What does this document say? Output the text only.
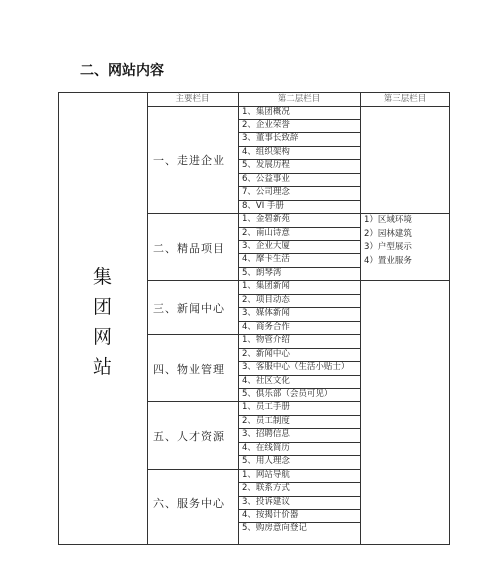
二、网站内容
主要栏目	第二层栏目	第三层栏目
集
团
网
站
一、走进企业
1、集团概况
2、企业荣誉
3、董事长致辞
4、组织架构
5、发展历程
6、公益事业
7、公司理念
8、VI 手册
二、精品项目
1、金碧新苑
2、南山诗意
3、企业大厦
4、摩卡生活
5、朗琴湾
三、新闻中心
1、集团新闻
2、项目动态
3、媒体新闻
4、商务合作
四、物业管理
1、物管介绍
2、新闻中心
3、客服中心（生活小贴士）
4、社区文化
5、俱乐部（会员可见）
五、人才资源
1、员工手册
2、员工制度
3、招聘信息
4、在线简历
5、用人理念
六、服务中心
1、网站导航
2、联系方式
3、投诉建议
4、按揭计价器
5、购房意向登记
1）区域环境
2）园林建筑
3）户型展示
4）置业服务
